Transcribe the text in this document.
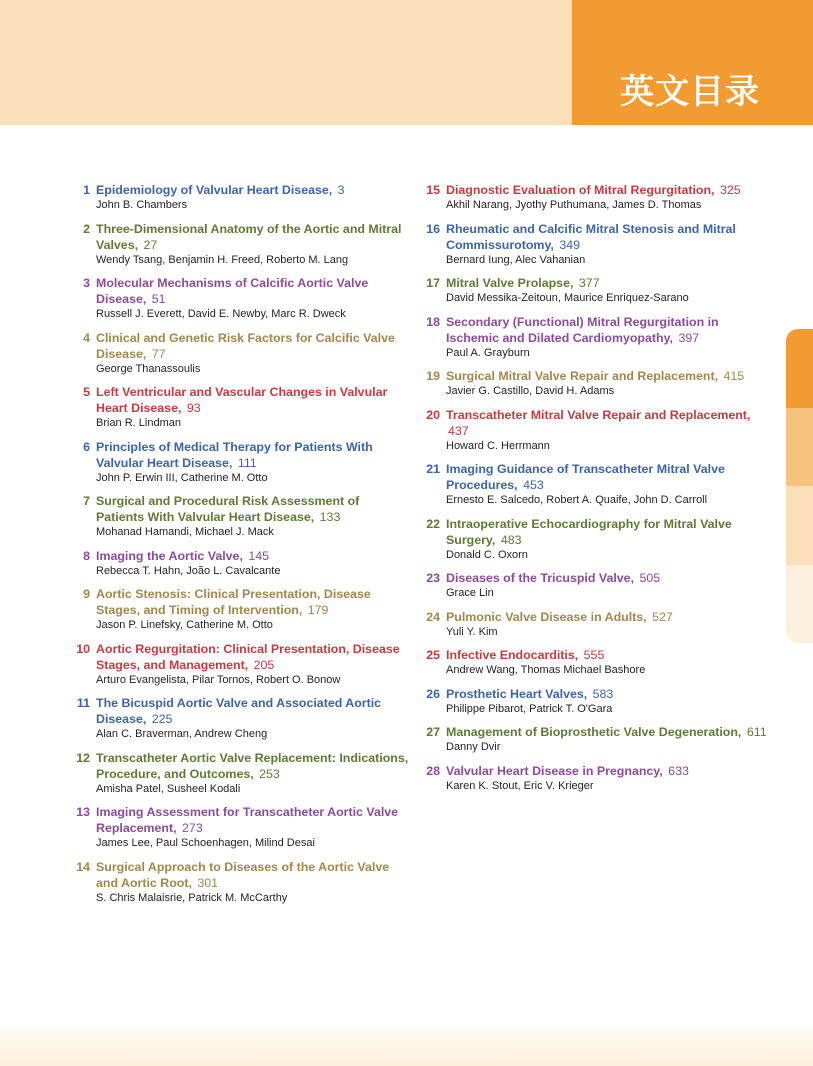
英文目录
1 Epidemiology of Valvular Heart Disease, 3
John B. Chambers
2 Three-Dimensional Anatomy of the Aortic and Mitral Valves, 27
Wendy Tsang, Benjamin H. Freed, Roberto M. Lang
3 Molecular Mechanisms of Calcific Aortic Valve Disease, 51
Russell J. Everett, David E. Newby, Marc R. Dweck
4 Clinical and Genetic Risk Factors for Calcific Valve Disease, 77
George Thanassoulis
5 Left Ventricular and Vascular Changes in Valvular Heart Disease, 93
Brian R. Lindman
6 Principles of Medical Therapy for Patients With Valvular Heart Disease, 111
John P. Erwin III, Catherine M. Otto
7 Surgical and Procedural Risk Assessment of Patients With Valvular Heart Disease, 133
Mohanad Hamandi, Michael J. Mack
8 Imaging the Aortic Valve, 145
Rebecca T. Hahn, João L. Cavalcante
9 Aortic Stenosis: Clinical Presentation, Disease Stages, and Timing of Intervention, 179
Jason P. Linefsky, Catherine M. Otto
10 Aortic Regurgitation: Clinical Presentation, Disease Stages, and Management, 205
Arturo Evangelista, Pilar Tornos, Robert O. Bonow
11 The Bicuspid Aortic Valve and Associated Aortic Disease, 225
Alan C. Braverman, Andrew Cheng
12 Transcatheter Aortic Valve Replacement: Indications, Procedure, and Outcomes, 253
Amisha Patel, Susheel Kodali
13 Imaging Assessment for Transcatheter Aortic Valve Replacement, 273
James Lee, Paul Schoenhagen, Milind Desai
14 Surgical Approach to Diseases of the Aortic Valve and Aortic Root, 301
S. Chris Malaisrie, Patrick M. McCarthy
15 Diagnostic Evaluation of Mitral Regurgitation, 325
Akhil Narang, Jyothy Puthumana, James D. Thomas
16 Rheumatic and Calcific Mitral Stenosis and Mitral Commissurotomy, 349
Bernard Iung, Alec Vahanian
17 Mitral Valve Prolapse, 377
David Messika-Zeitoun, Maurice Enriquez-Sarano
18 Secondary (Functional) Mitral Regurgitation in Ischemic and Dilated Cardiomyopathy, 397
Paul A. Grayburn
19 Surgical Mitral Valve Repair and Replacement, 415
Javier G. Castillo, David H. Adams
20 Transcatheter Mitral Valve Repair and Replacement, 437
Howard C. Herrmann
21 Imaging Guidance of Transcatheter Mitral Valve Procedures, 453
Ernesto E. Salcedo, Robert A. Quaife, John D. Carroll
22 Intraoperative Echocardiography for Mitral Valve Surgery, 483
Donald C. Oxorn
23 Diseases of the Tricuspid Valve, 505
Grace Lin
24 Pulmonic Valve Disease in Adults, 527
Yuli Y. Kim
25 Infective Endocarditis, 555
Andrew Wang, Thomas Michael Bashore
26 Prosthetic Heart Valves, 583
Philippe Pibarot, Patrick T. O'Gara
27 Management of Bioprosthetic Valve Degeneration, 611
Danny Dvir
28 Valvular Heart Disease in Pregnancy, 633
Karen K. Stout, Eric V. Krieger
